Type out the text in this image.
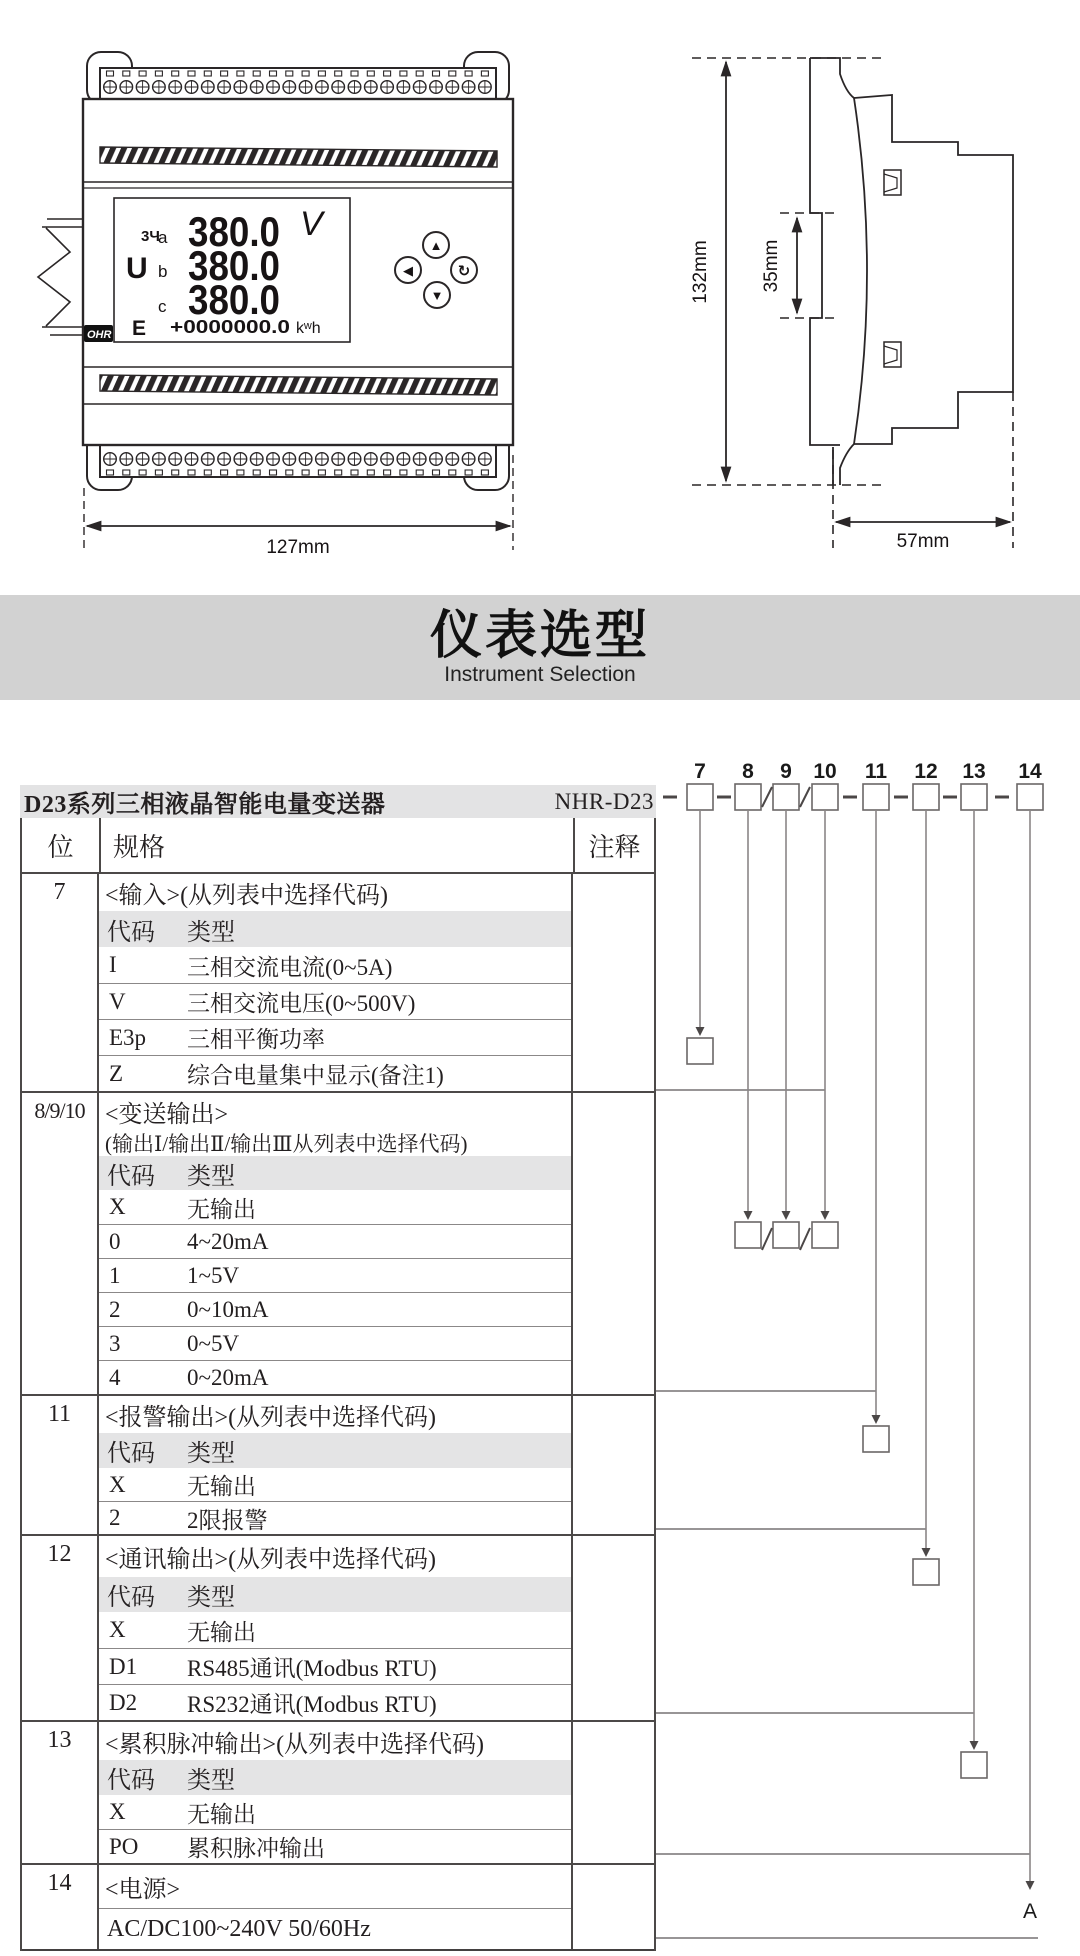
3Ч
a 380.0 V
U b 380.0
c 380.0
E +0000000.0 kʷh
OHR
▲
◀	↻
▼
127mm
132mm	35mm
57mm
仪表选型
Instrument Selection
D23系列三相液晶智能电量变送器	NHR-D23
位	规格	注释
7	<输入>(从列表中选择代码)
代码	类型
I	三相交流电流(0~5A)
V	三相交流电压(0~500V)
E3p	三相平衡功率
Z	综合电量集中显示(备注1)
8/9/10 <变送输出>
(输出Ⅰ/输出Ⅱ/输出Ⅲ从列表中选择代码)
代码	类型
X	无输出
0	4~20mA
1	1~5V
2	0~10mA
3	0~5V
4	0~20mA
11	<报警输出>(从列表中选择代码)
代码	类型
X	无输出
2	2限报警
12	<通讯输出>(从列表中选择代码)
代码	类型
X	无输出
D1	RS485通讯(Modbus RTU)
D2	RS232通讯(Modbus RTU)
13	<累积脉冲输出>(从列表中选择代码)
代码	类型
X	无输出
PO	累积脉冲输出
14	<电源>
AC/DC100~240V 50/60Hz
7 8 9 10 11 12 13 14
A
